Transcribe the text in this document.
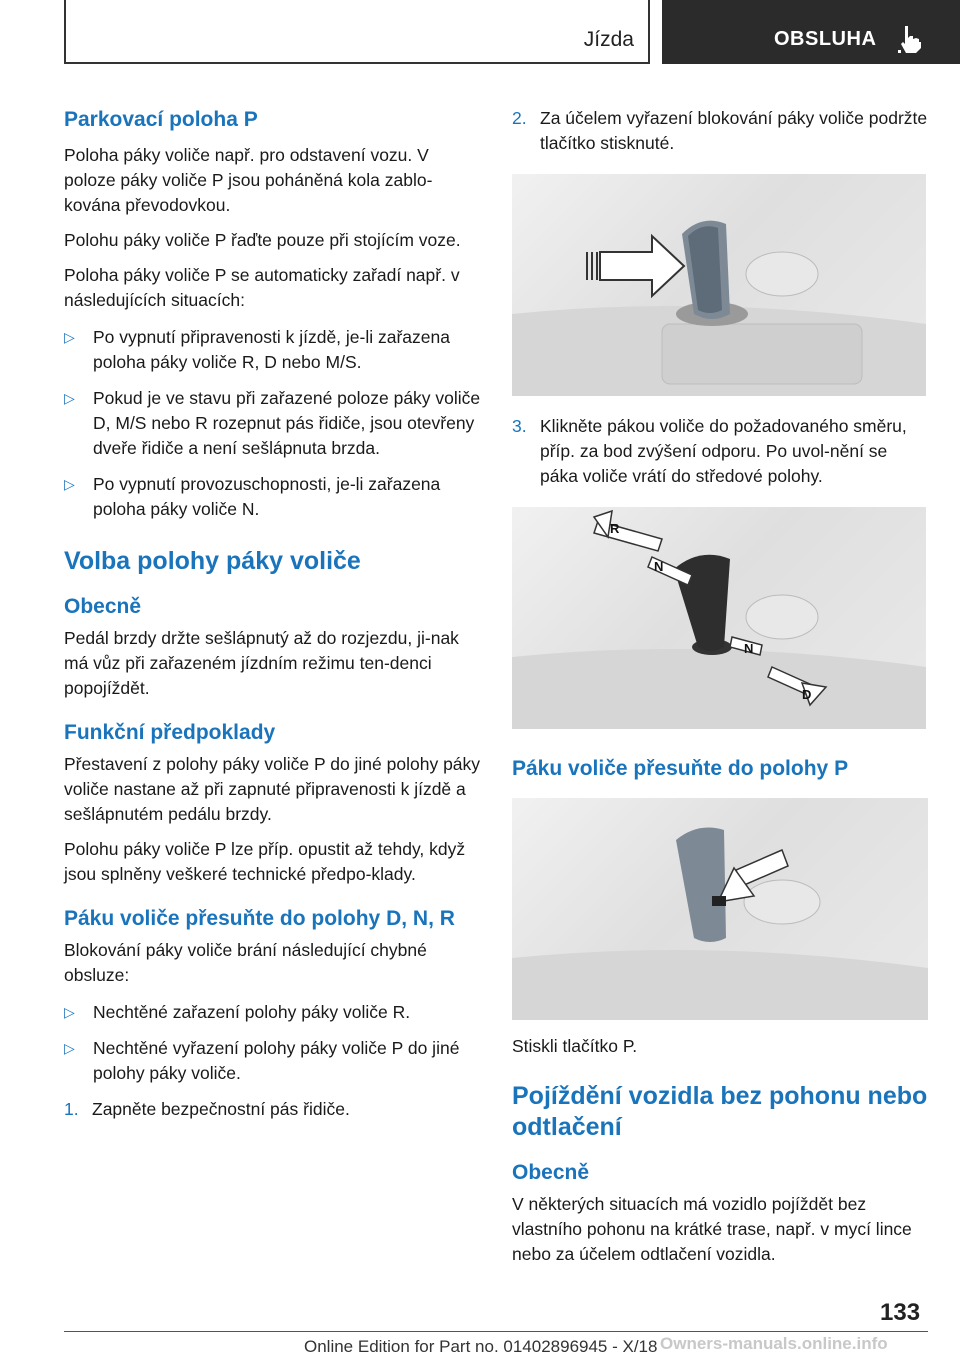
Jízda	OBSLUHA
Parkovací poloha P

Poloha páky voliče např. pro odstavení vozu. V poloze páky voliče P jsou poháněná kola zablo-kována převodovkou.

Polohu páky voliče P řaďte pouze při stojícím voze.

Poloha páky voliče P se automaticky zařadí např. v následujících situacích:

▷ Po vypnutí připravenosti k jízdě, je-li zařazena poloha páky voliče R, D nebo M/S.
▷ Pokud je ve stavu při zařazené poloze páky voliče D, M/S nebo R rozepnut pás řidiče, jsou otevřeny dveře řidiče a není sešlápnuta brzda.
▷ Po vypnutí provozuschopnosti, je-li zařazena poloha páky voliče N.
Volba polohy páky voliče
Obecně

Pedál brzdy držte sešlápnutý až do rozjezdu, ji-nak má vůz při zařazeném jízdním režimu ten-denci popojíždět.

Funkční předpoklady

Přestavení z polohy páky voliče P do jiné polohy páky voliče nastane až při zapnuté připravenosti k jízdě a sešlápnutém pedálu brzdy.

Polohu páky voliče P lze příp. opustit až tehdy, když jsou splněny veškeré technické předpo-klady.

Páku voliče přesuňte do polohy D, N, R

Blokování páky voliče brání následující chybné obsluze:

▷ Nechtěné zařazení polohy páky voliče R.
▷ Nechtěné vyřazení polohy páky voliče P do jiné polohy páky voliče.
1. Zapněte bezpečnostní pás řidiče.
2. Za účelem vyřazení blokování páky voliče podržte tlačítko stisknuté.
3. Klikněte pákou voliče do požadovaného směru, příp. za bod zvýšení odporu. Po uvol-nění se páka voliče vrátí do středové polohy.
R
N
N
D
Páku voliče přesuňte do polohy P

Stiskli tlačítko P.

Pojíždění vozidla bez pohonu nebo odtlačení
Obecně

V některých situacích má vozidlo pojíždět bez vlastního pohonu na krátké trase, např. v mycí lince nebo za účelem odtlačení vozidla.

133
Online Edition for Part no. 01402896945 - X/18 Owners-manuals.online.info
